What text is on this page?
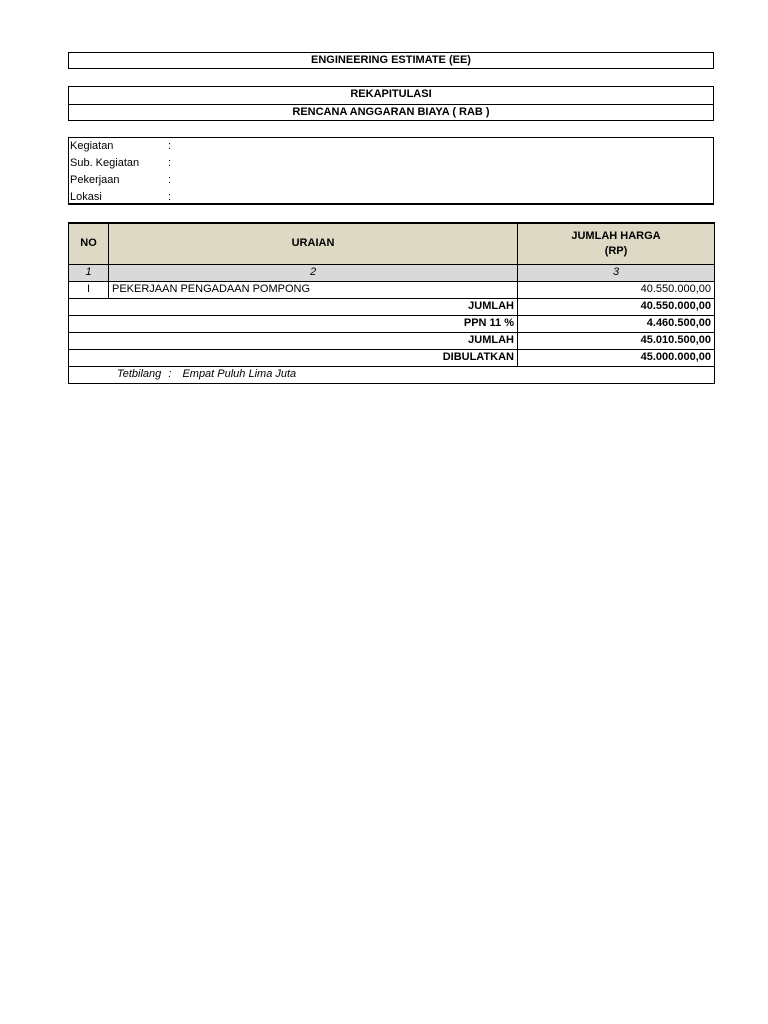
ENGINEERING ESTIMATE (EE)
REKAPITULASI
RENCANA ANGGARAN BIAYA ( RAB )
Kegiatan	:
Sub. Kegiatan	:
Pekerjaan	:
Lokasi	:
NO	URAIAN	JUMLAH HARGA
(RP)

1	2	3
I	PEKERJAAN PENGADAAN POMPONG	40.550.000,00
	JUMLAH	40.550.000,00
	PPN 11 %	4.460.500,00
	JUMLAH	45.010.500,00
	DIBULATKAN	45.000.000,00
Tetbilang : Empat Puluh Lima Juta		
